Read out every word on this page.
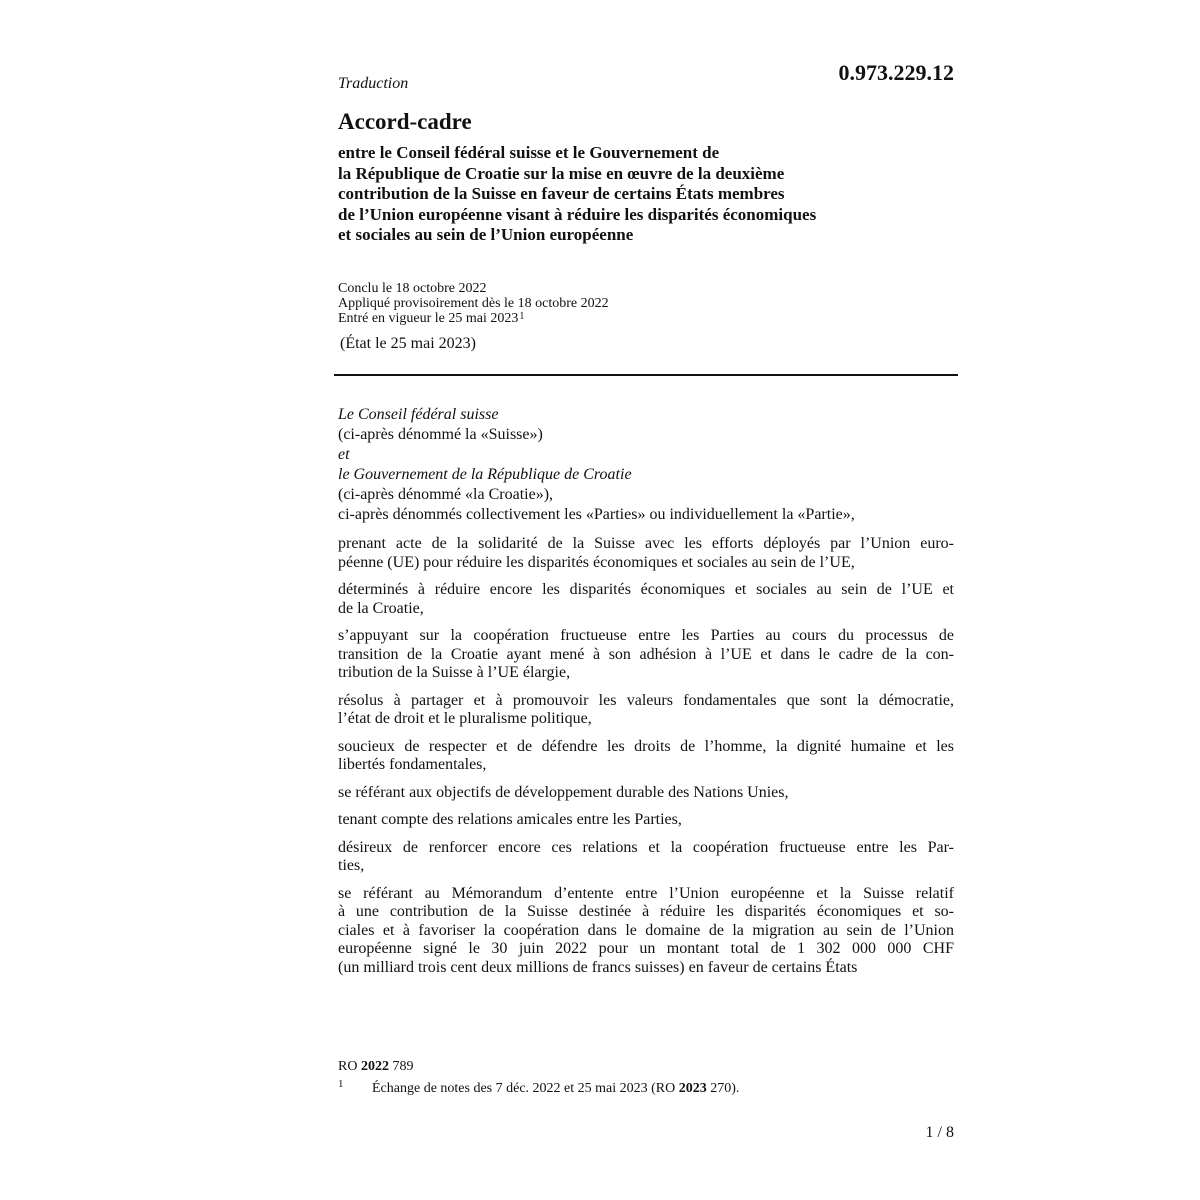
0.973.229.12
Traduction
Accord-cadre
entre le Conseil fédéral suisse et le Gouvernement de
la République de Croatie sur la mise en œuvre de la deuxième
contribution de la Suisse en faveur de certains États membres
de l’Union européenne visant à réduire les disparités économiques
et sociales au sein de l’Union européenne
Conclu le 18 octobre 2022
Appliqué provisoirement dès le 18 octobre 2022
Entré en vigueur le 25 mai 2023$^1$
(État le 25 mai 2023)
Le Conseil fédéral suisse
(ci-après dénommé la «Suisse»)
et
le Gouvernement de la République de Croatie
(ci-après dénommé «la Croatie»),
ci-après dénommés collectivement les «Parties» ou individuellement la «Partie»,

prenant acte de la solidarité de la Suisse avec les efforts déployés par l’Union euro-
péenne (UE) pour réduire les disparités économiques et sociales au sein de l’UE,

déterminés à réduire encore les disparités économiques et sociales au sein de l’UE et
de la Croatie,

s’appuyant sur la coopération fructueuse entre les Parties au cours du processus de
transition de la Croatie ayant mené à son adhésion à l’UE et dans le cadre de la con-
tribution de la Suisse à l’UE élargie,

résolus à partager et à promouvoir les valeurs fondamentales que sont la démocratie,
l’état de droit et le pluralisme politique,

soucieux de respecter et de défendre les droits de l’homme, la dignité humaine et les
libertés fondamentales,

se référant aux objectifs de développement durable des Nations Unies,

tenant compte des relations amicales entre les Parties,

désireux de renforcer encore ces relations et la coopération fructueuse entre les Par-
ties,

se référant au Mémorandum d’entente entre l’Union européenne et la Suisse relatif
à une contribution de la Suisse destinée à réduire les disparités économiques et so-
ciales et à favoriser la coopération dans le domaine de la migration au sein de l’Union
européenne signé le 30 juin 2022 pour un montant total de 1 302 000 000 CHF
(un milliard trois cent deux millions de francs suisses) en faveur de certains États

RO 2022 789
1 Échange de notes des 7 déc. 2022 et 25 mai 2023 (RO 2023 270).
1 / 8
